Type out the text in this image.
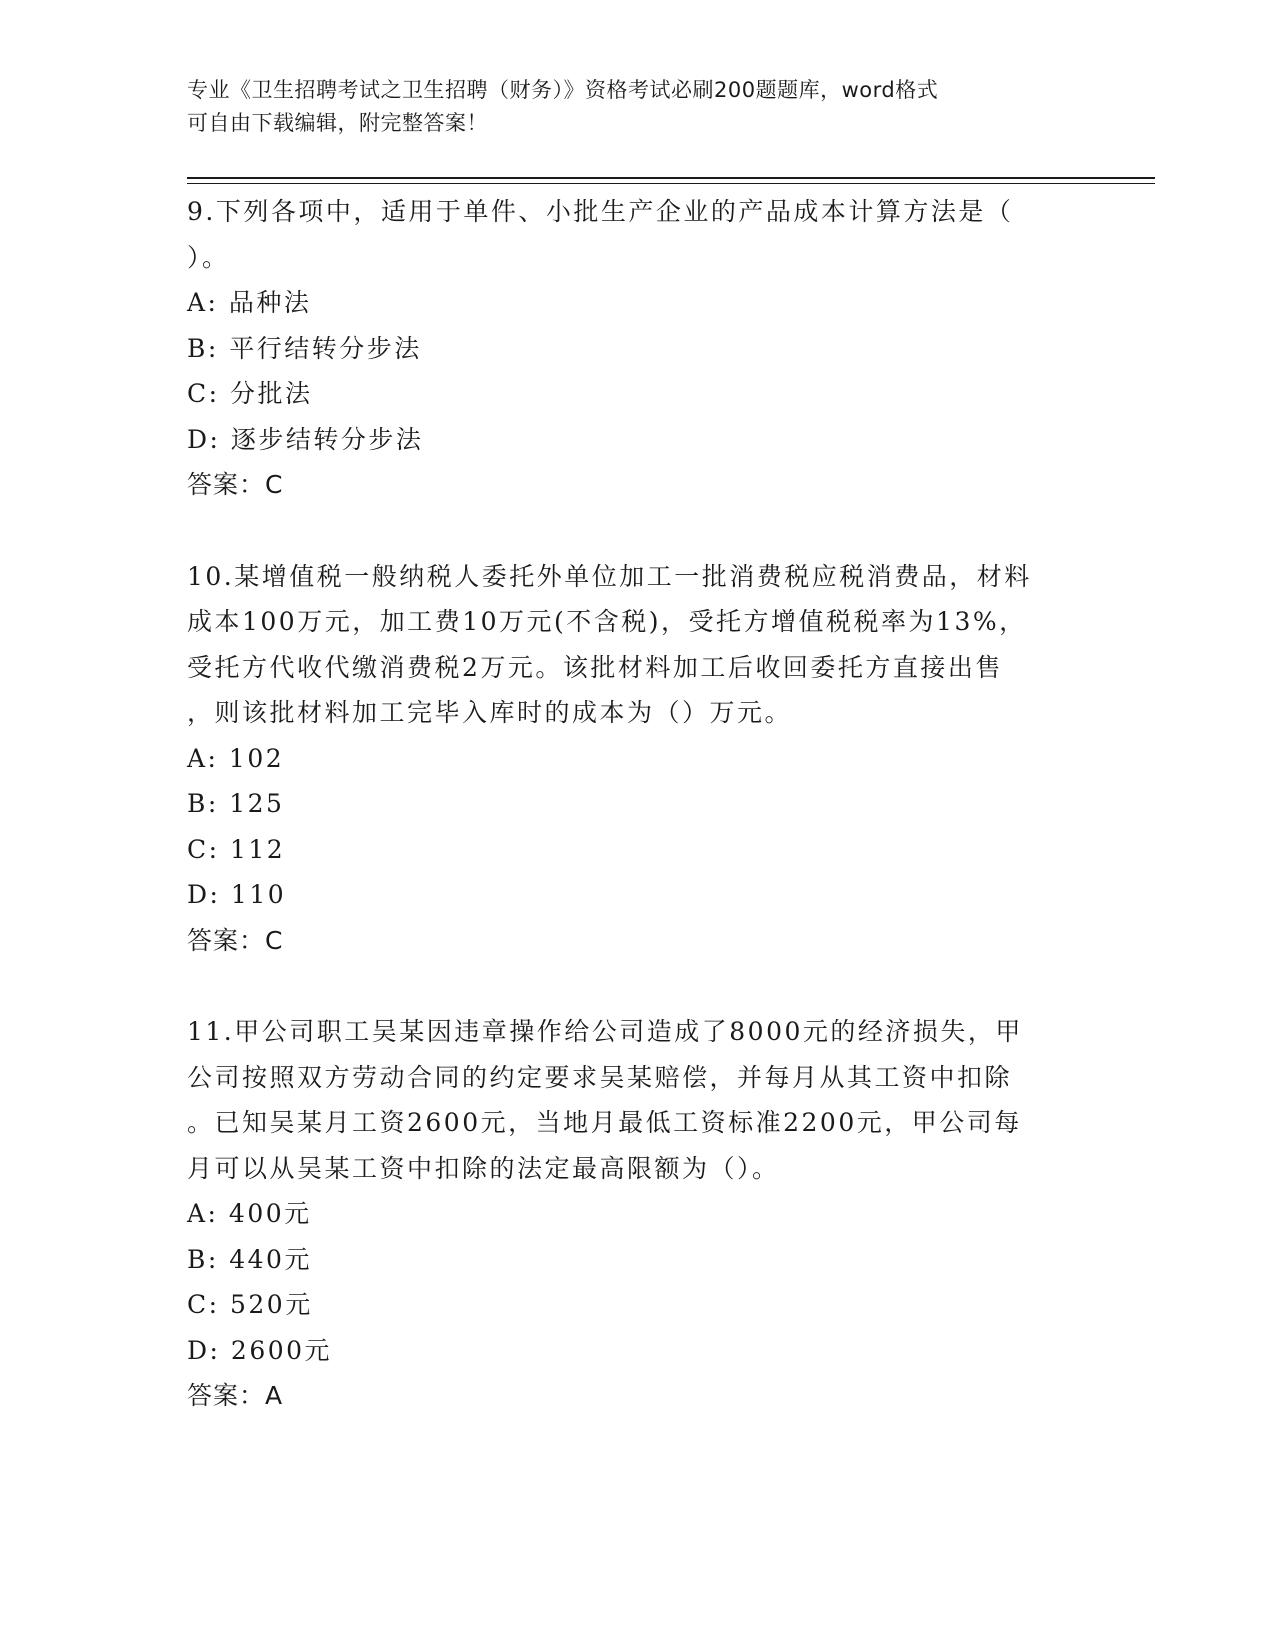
专业《卫生招聘考试之卫生招聘（财务）》资格考试必刷200题题库，word格式
可自由下载编辑，附完整答案！
9.下列各项中，适用于单件、小批生产企业的产品成本计算方法是（
）。
A: 品种法
B: 平行结转分步法
C: 分批法
D: 逐步结转分步法
答案：C
10.某增值税一般纳税人委托外单位加工一批消费税应税消费品，材料
成本100万元，加工费10万元(不含税)，受托方增值税税率为13%，
受托方代收代缴消费税2万元。该批材料加工后收回委托方直接出售
，则该批材料加工完毕入库时的成本为（）万元。
A: 102
B: 125
C: 112
D: 110
答案：C
11.甲公司职工吴某因违章操作给公司造成了8000元的经济损失，甲
公司按照双方劳动合同的约定要求吴某赔偿，并每月从其工资中扣除
。已知吴某月工资2600元，当地月最低工资标准2200元，甲公司每
月可以从吴某工资中扣除的法定最高限额为（）。
A: 400元
B: 440元
C: 520元
D: 2600元
答案：A
